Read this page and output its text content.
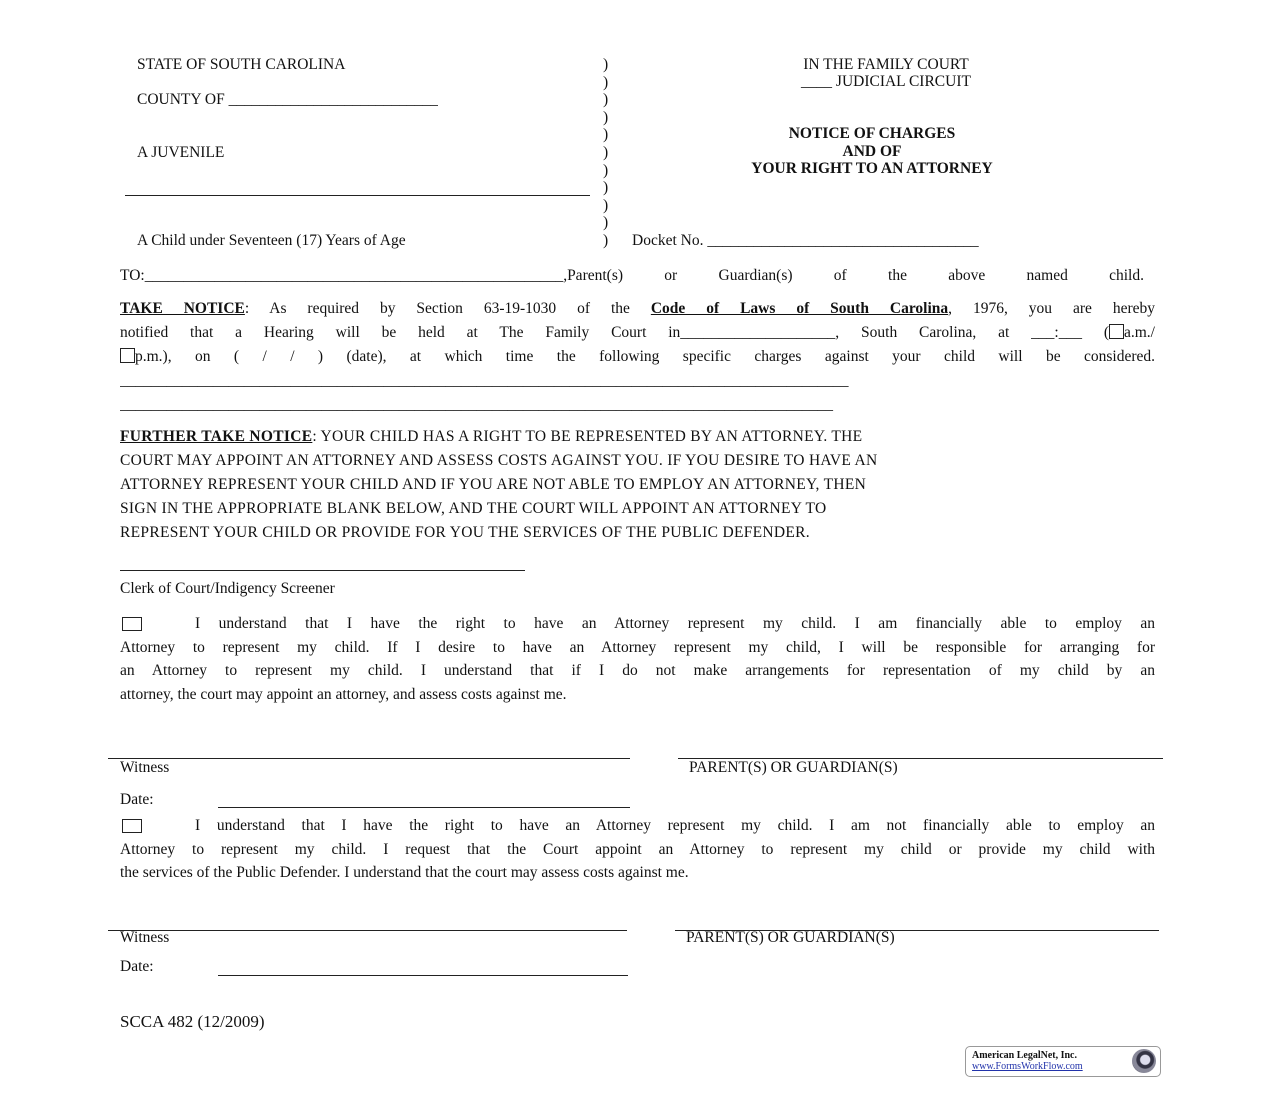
STATE OF SOUTH CAROLINA
COUNTY OF ___________________________
A JUVENILE
A Child under Seventeen (17) Years of Age
)
)
)
)
)
)
)
)
)
)
)
IN THE FAMILY COURT
____ JUDICIAL CIRCUIT
NOTICE OF CHARGES
AND OF
YOUR RIGHT TO AN ATTORNEY
Docket No. ___________________________________
TO:______________________________________________________,Parent(s) or Guardian(s) of the above named child.
TAKE NOTICE: As required by Section 63-19-1030 of the Code of Laws of South Carolina, 1976, you are hereby
notified that a Hearing will be held at The Family Court in____________________, South Carolina, at ___:___ ( a.m./
p.m.), on ( / / ) (date), at which time the following specific charges against your child will be considered.
______________________________________________________________________________________________
____________________________________________________________________________________________
FURTHER TAKE NOTICE: YOUR CHILD HAS A RIGHT TO BE REPRESENTED BY AN ATTORNEY. THE
COURT MAY APPOINT AN ATTORNEY AND ASSESS COSTS AGAINST YOU. IF YOU DESIRE TO HAVE AN
ATTORNEY REPRESENT YOUR CHILD AND IF YOU ARE NOT ABLE TO EMPLOY AN ATTORNEY, THEN
SIGN IN THE APPROPRIATE BLANK BELOW, AND THE COURT WILL APPOINT AN ATTORNEY TO
REPRESENT YOUR CHILD OR PROVIDE FOR YOU THE SERVICES OF THE PUBLIC DEFENDER.
Clerk of Court/Indigency Screener
I understand that I have the right to have an Attorney represent my child. I am financially able to employ an
Attorney to represent my child. If I desire to have an Attorney represent my child, I will be responsible for arranging for
an Attorney to represent my child. I understand that if I do not make arrangements for representation of my child by an
attorney, the court may appoint an attorney, and assess costs against me.
Witness	PARENT(S) OR GUARDIAN(S)
Date:
I understand that I have the right to have an Attorney represent my child. I am not financially able to employ an
Attorney to represent my child. I request that the Court appoint an Attorney to represent my child or provide my child with
the services of the Public Defender. I understand that the court may assess costs against me.
Witness	PARENT(S) OR GUARDIAN(S)
Date:
SCCA 482 (12/2009)
American LegalNet, Inc.
www.FormsWorkFlow.com
